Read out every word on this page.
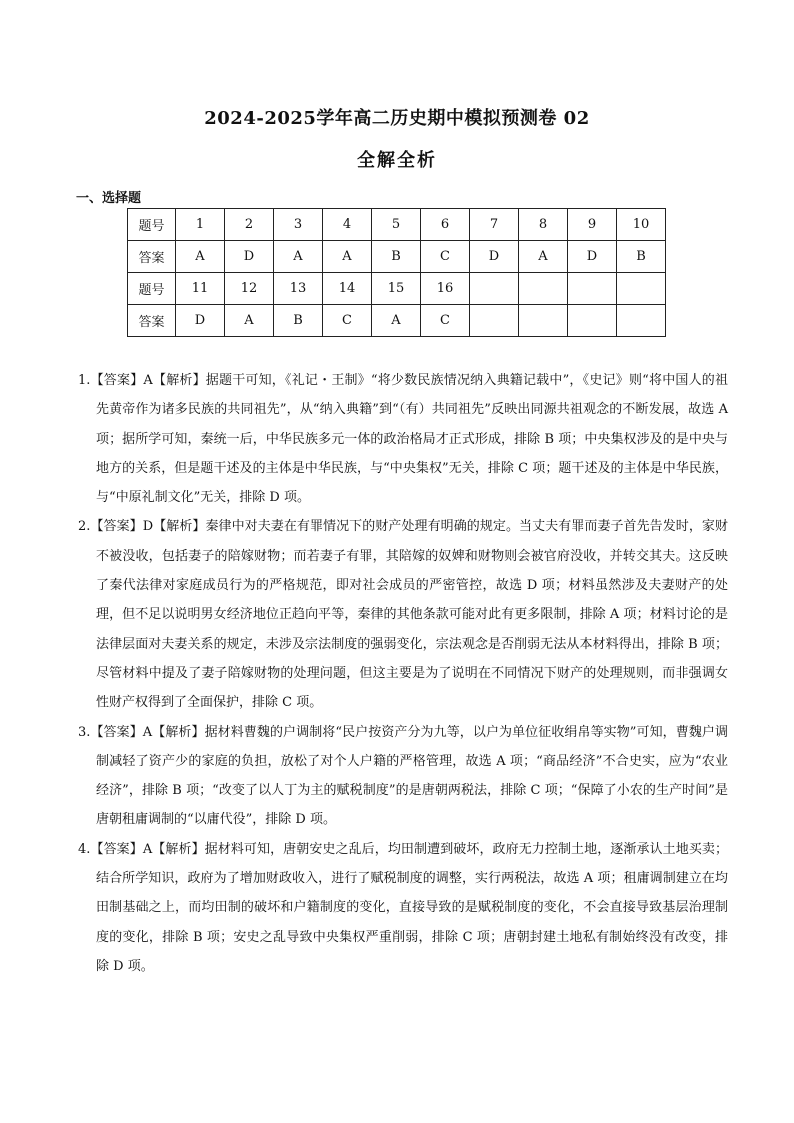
2024-2025学年高二历史期中模拟预测卷 02
全解全析
一、选择题
题号	1	2	3	4	5	6	7	8	9	10
答案	A	D	A	A	B	C	D	A	D	B
题号	11	12	13	14	15	16				
答案	D	A	B	C	A	C				

1.【答案】A【解析】据题干可知，《礼记・王制》“将少数民族情况纳入典籍记载中”，《史记》则“将中国人的祖先黄帝作为诸多民族的共同祖先”，从“纳入典籍”到“（有）共同祖先”反映出同源共祖观念的不断发展，故选 A 项；据所学可知，秦统一后，中华民族多元一体的政治格局才正式形成，排除 B 项；中央集权涉及的是中央与地方的关系，但是题干述及的主体是中华民族，与“中央集权”无关，排除 C 项；题干述及的主体是中华民族，与“中原礼制文化”无关，排除 D 项。

2.【答案】D【解析】秦律中对夫妻在有罪情况下的财产处理有明确的规定。当丈夫有罪而妻子首先告发时，家财不被没收，包括妻子的陪嫁财物；而若妻子有罪，其陪嫁的奴婢和财物则会被官府没收，并转交其夫。这反映了秦代法律对家庭成员行为的严格规范，即对社会成员的严密管控，故选 D 项；材料虽然涉及夫妻财产的处理，但不足以说明男女经济地位正趋向平等，秦律的其他条款可能对此有更多限制，排除 A 项；材料讨论的是法律层面对夫妻关系的规定，未涉及宗法制度的强弱变化，宗法观念是否削弱无法从本材料得出，排除 B 项；尽管材料中提及了妻子陪嫁财物的处理问题，但这主要是为了说明在不同情况下财产的处理规则，而非强调女性财产权得到了全面保护，排除 C 项。

3.【答案】A【解析】据材料曹魏的户调制将“民户按资产分为九等，以户为单位征收绢帛等实物”可知，曹魏户调制减轻了资产少的家庭的负担，放松了对个人户籍的严格管理，故选 A 项；“商品经济”不合史实，应为“农业经济”，排除 B 项；“改变了以人丁为主的赋税制度”的是唐朝两税法，排除 C 项；“保障了小农的生产时间”是唐朝租庸调制的“以庸代役”，排除 D 项。

4.【答案】A【解析】据材料可知，唐朝安史之乱后，均田制遭到破坏，政府无力控制土地，逐渐承认土地买卖；结合所学知识，政府为了增加财政收入，进行了赋税制度的调整，实行两税法，故选 A 项；租庸调制建立在均田制基础之上，而均田制的破坏和户籍制度的变化，直接导致的是赋税制度的变化，不会直接导致基层治理制度的变化，排除 B 项；安史之乱导致中央集权严重削弱，排除 C 项；唐朝封建土地私有制始终没有改变，排除 D 项。
